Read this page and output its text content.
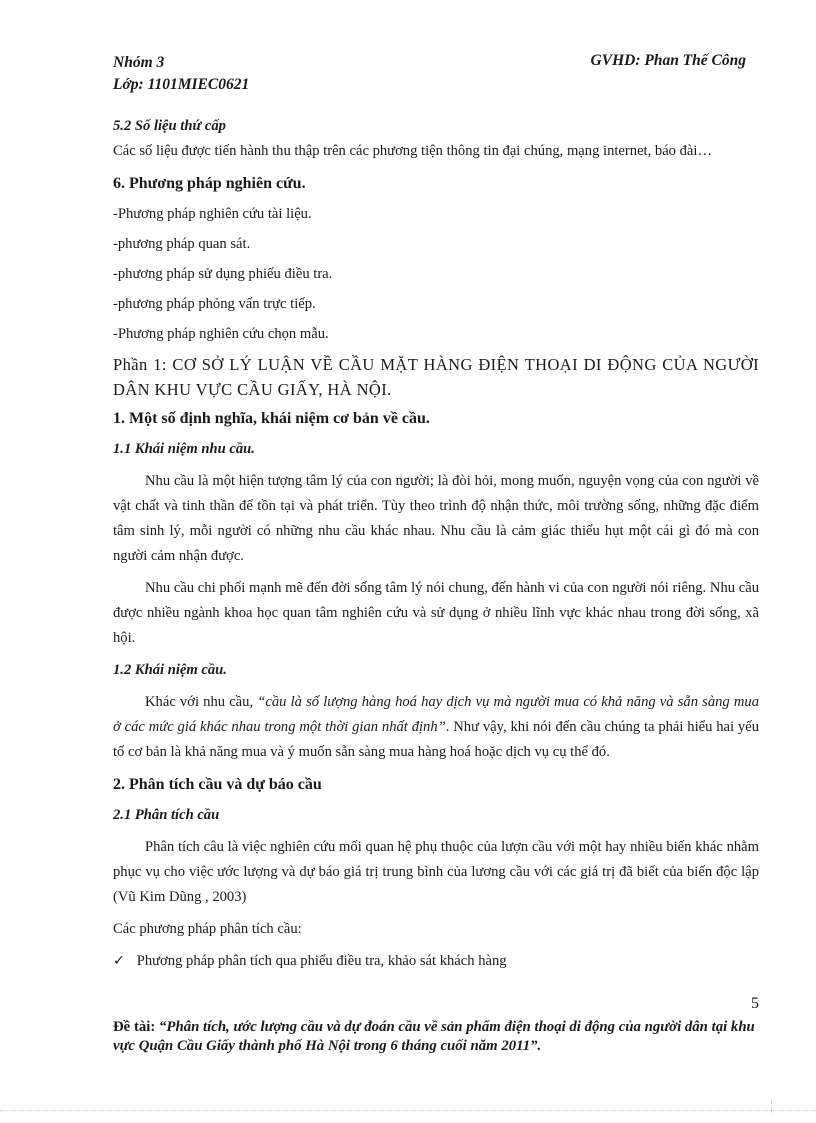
Nhóm 3
Lớp: 1101MIEC0621
GVHD: Phan Thế Công

5.2 Số liệu thứ cấp

Các số liệu được tiến hành thu thập trên các phương tiện thông tin đại chúng, mạng internet, báo đài…

6. Phương pháp nghiên cứu.

-Phương pháp nghiên cứu tài liệu.

-phương pháp quan sát.

-phương pháp sử dụng phiếu điều tra.

-phương pháp phỏng vấn trực tiếp.

-Phương pháp nghiên cứu chọn mẫu.

Phần 1: CƠ SỞ LÝ LUẬN VỀ CẦU MẶT HÀNG ĐIỆN THOẠI DI ĐỘNG CỦA NGƯỜI DÂN KHU VỰC CẦU GIẤY, HÀ NỘI.

1. Một số định nghĩa, khái niệm cơ bản về cầu.

1.1 Khái niệm nhu cầu.

Nhu cầu là một hiện tượng tâm lý của con người; là đòi hỏi, mong muốn, nguyện vọng của con người về vật chất và tinh thần để tồn tại và phát triển. Tùy theo trình độ nhận thức, môi trường sống, những đặc điểm tâm sinh lý, mỗi người có những nhu cầu khác nhau. Nhu cầu là cảm giác thiếu hụt một cái gì đó mà con người cảm nhận được.

Nhu cầu chi phối mạnh mẽ đến đời sống tâm lý nói chung, đến hành vi của con người nói riêng. Nhu cầu được nhiều ngành khoa học quan tâm nghiên cứu và sử dụng ở nhiều lĩnh vực khác nhau trong đời sống, xã hội.

1.2 Khái niệm cầu.

Khác với nhu cầu, “cầu là số lượng hàng hoá hay dịch vụ mà người mua có khả năng và sẵn sàng mua ở các mức giá khác nhau trong một thời gian nhất định”. Như vậy, khi nói đến cầu chúng ta phải hiểu hai yếu tố cơ bản là khả năng mua và ý muốn sẵn sàng mua hàng hoá hoặc dịch vụ cụ thể đó.

2. Phân tích cầu và dự báo cầu

2.1 Phân tích cầu

Phân tích câu là việc nghiên cứu mối quan hệ phụ thuộc của lượn cầu với một hay nhiều biến khác nhằm phục vụ cho việc ước lượng và dự báo giá trị trung bình của lương cầu với các giá trị đã biết của biến độc lập (Vũ Kim Dũng , 2003)

Các phương pháp phân tích cầu:

✓ Phương pháp phân tích qua phiếu điều tra, khảo sát khách hàng
5
Đề tài: “Phân tích, ước lượng cầu và dự đoán cầu về sản phẩm điện thoại di động của người dân tại khu vực Quận Cầu Giấy thành phố Hà Nội trong 6 tháng cuối năm 2011”.
